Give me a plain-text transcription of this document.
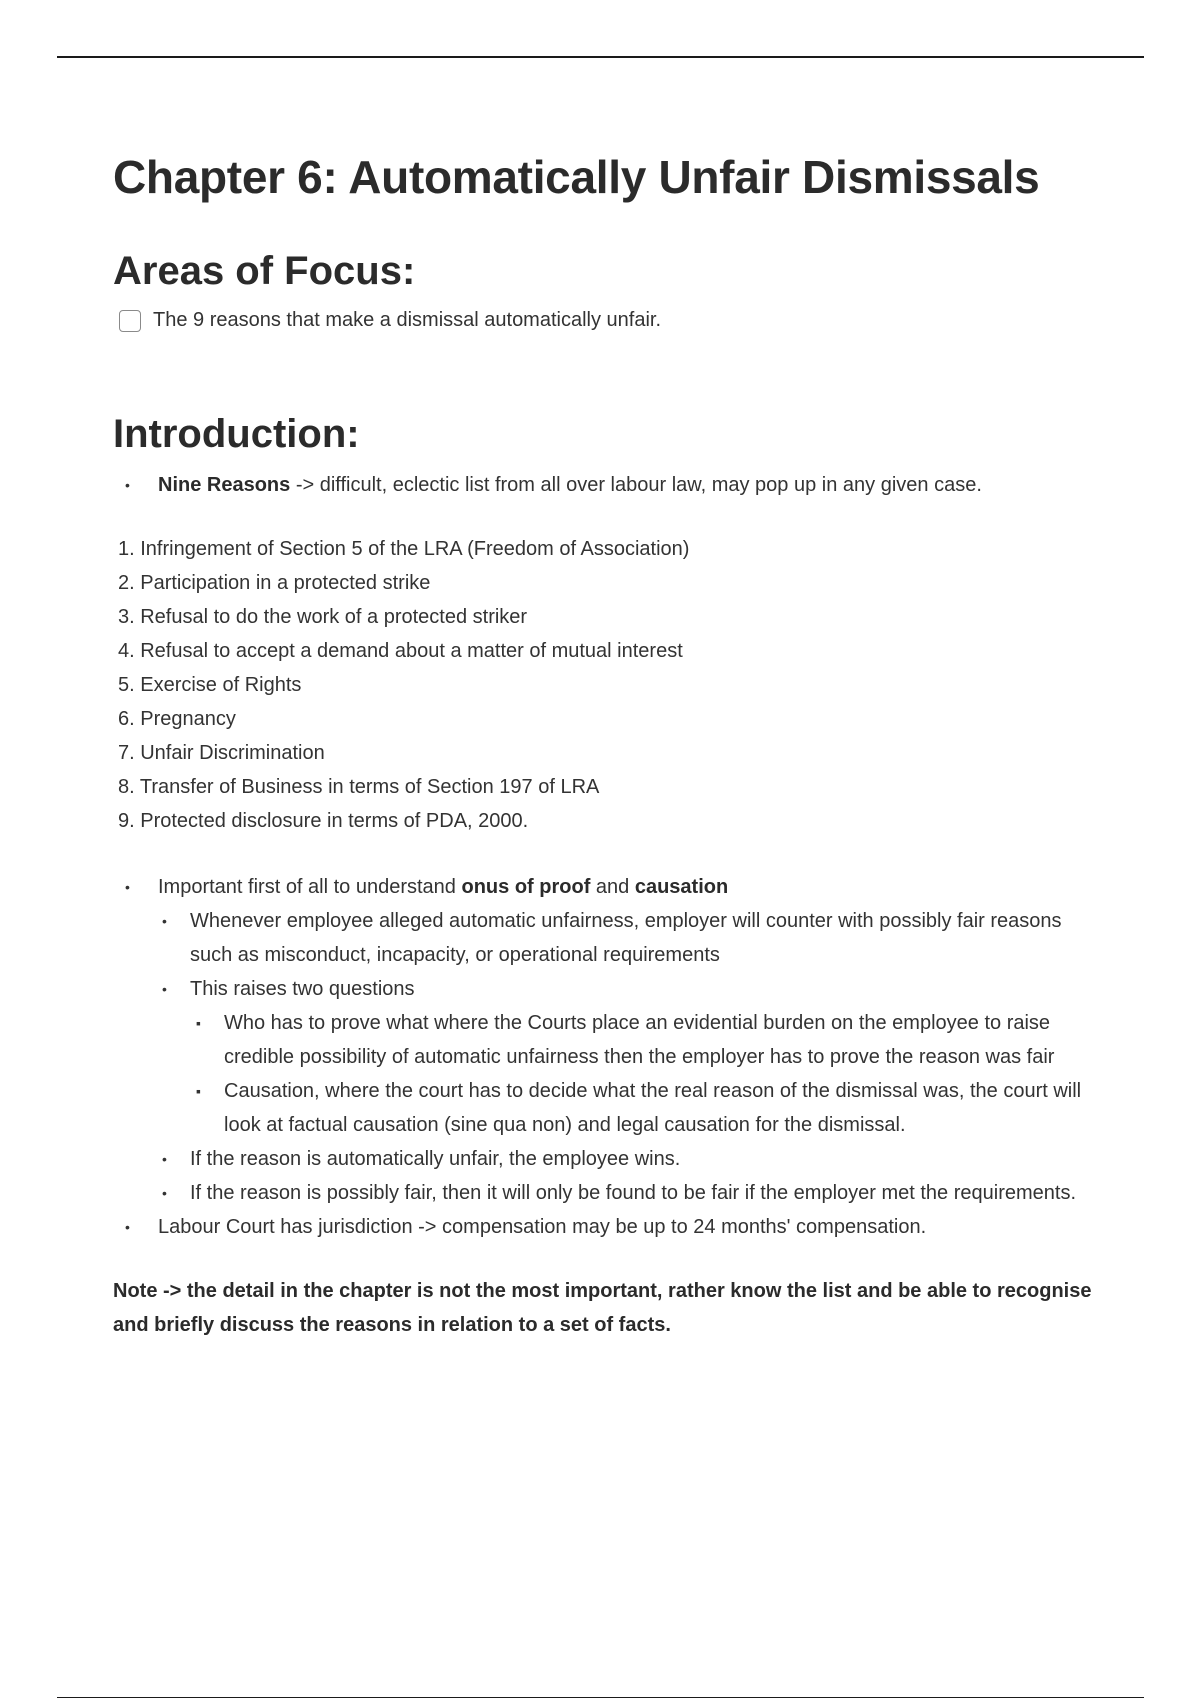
Chapter 6: Automatically Unfair Dismissals
Areas of Focus:
The 9 reasons that make a dismissal automatically unfair.
Introduction:
• Nine Reasons -> difficult, eclectic list from all over labour law, may pop up in any given case.
1. Infringement of Section 5 of the LRA (Freedom of Association)
2. Participation in a protected strike
3. Refusal to do the work of a protected striker
4. Refusal to accept a demand about a matter of mutual interest
5. Exercise of Rights
6. Pregnancy
7. Unfair Discrimination
8. Transfer of Business in terms of Section 197 of LRA
9. Protected disclosure in terms of PDA, 2000.
• Important first of all to understand onus of proof and causation
• Whenever employee alleged automatic unfairness, employer will counter with possibly fair reasons such as misconduct, incapacity, or operational requirements
• This raises two questions
▪ Who has to prove what where the Courts place an evidential burden on the employee to raise credible possibility of automatic unfairness then the employer has to prove the reason was fair
▪ Causation, where the court has to decide what the real reason of the dismissal was, the court will look at factual causation (sine qua non) and legal causation for the dismissal.
• If the reason is automatically unfair, the employee wins.
• If the reason is possibly fair, then it will only be found to be fair if the employer met the requirements.
• Labour Court has jurisdiction -> compensation may be up to 24 months' compensation.

Note -> the detail in the chapter is not the most important, rather know the list and be able to recognise and briefly discuss the reasons in relation to a set of facts.
